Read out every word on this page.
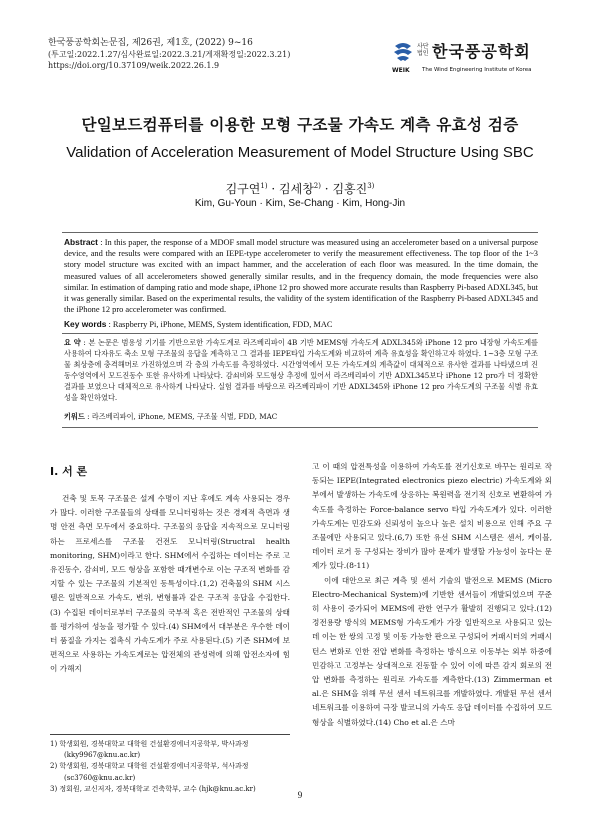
한국풍공학회논문집, 제26권, 제1호, (2022) 9~16
(투고일:2022.1.27/심사완료일:2022.3.21/게재확정일:2022.3.21)
https://doi.org/10.37109/weik.2022.26.1.9
사단법인 한국풍공학회
WEIK The Wind Engineering Institute of Korea
단일보드컴퓨터를 이용한 모형 구조물 가속도 계측 유효성 검증
Validation of Acceleration Measurement of Model Structure Using SBC
김구연$^{1)}$ · 김세창$^{2)}$ · 김홍진$^{3)}$
Kim, Gu-Youn · Kim, Se-Chang · Kim, Hong-Jin
Abstract : In this paper, the response of a MDOF small model structure was measured using an accelerometer based on a universal purpose device, and the results were compared with an IEPE-type accelerometer to verify the measurement effectiveness. The top floor of the 1~3 story model structure was excited with an impact hammer, and the acceleration of each floor was measured. In the time domain, the measured values of all accelerometers showed generally similar results, and in the frequency domain, the mode frequencies were also similar. In estimation of damping ratio and mode shape, iPhone 12 pro showed more accurate results than Raspberry Pi-based ADXL345, but it was generally similar. Based on the experimental results, the validity of the system identification of the Raspberry Pi-based ADXL345 and the iPhone 12 pro accelerometer was confirmed.
Key words : Raspberry Pi, iPhone, MEMS, System identification, FDD, MAC
요 약 : 본 논문은 범용성 기기를 기반으로한 가속도계로 라즈베리파이 4B 기반 MEMS형 가속도계 ADXL345와 iPhone 12 pro 내장형 가속도계를 사용하여 다자유도 축소 모형 구조물의 응답을 계측하고 그 결과를 IEPE타입 가속도계와 비교하여 계측 유효성을 확인하고자 하였다. 1~3층 모형 구조물 최상층에 충격해머로 가진하였으며 각 층의 가속도를 측정하였다. 시간영역에서 모든 가속도계의 계측값이 대체적으로 유사한 결과를 나타냈으며 진동수영역에서 모드진동수 또한 유사하게 나타났다. 감쇠비와 모드형상 추정에 있어서 라즈베리파이 기반 ADXL345보다 iPhone 12 pro가 더 정확한 결과를 보였으나 대체적으로 유사하게 나타났다. 실험 결과를 바탕으로 라즈베리파이 기반 ADXL345와 iPhone 12 pro 가속도계의 구조물 식별 유효성을 확인하였다.
키워드 : 라즈베리파이, iPhone, MEMS, 구조물 식별, FDD, MAC
I. 서 론

건축 및 토목 구조물은 설계 수명이 지난 후에도 계속 사용되는 경우가 많다. 이러한 구조물들의 상태를 모니터링하는 것은 경제적 측면과 생명 안전 측면 모두에서 중요하다. 구조물의 응답을 지속적으로 모니터링하는 프로세스를 구조물 건전도 모니터링(Structral health monitoring, SHM)이라고 한다. SHM에서 수집하는 데이터는 주로 고유진동수, 감쇠비, 모드 형상을 포함한 때개변수로 이는 구조적 변화를 감지할 수 있는 구조물의 기본적인 동특성이다.(1,2) 건축물의 SHM 시스템은 일반적으로 가속도, 변위, 변형률과 같은 구조적 응답을 수집한다.(3) 수집된 데이터로부터 구조물의 국부적 혹은 전반적인 구조물의 상태를 평가하여 성능을 평가할 수 있다.(4) SHM에서 대부분은 우수한 데이터 품질을 가지는 접촉식 가속도계가 주로 사용된다.(5) 기존 SHM에 보편적으로 사용하는 가속도계로는 압전체의 관성력에 의해 압전소자에 힘이 가해지

고 이 때의 압전특성을 이용하여 가속도를 전기신호로 바꾸는 원리로 작동되는 IEPE(Integrated electronics piezo electric) 가속도계와 외부에서 발생하는 가속도에 상응하는 복원력을 전기적 신호로 변환하여 가속도를 측정하는 Force-balance servo 타입 가속도계가 있다. 이러한 가속도계는 민감도와 신뢰성이 높으나 높은 설치 비용으로 인해 주요 구조물에만 사용되고 있다.(6,7) 또한 유선 SHM 시스템은 센서, 케이블, 데이터 로거 등 구성되는 장비가 많아 문제가 발생할 가능성이 높다는 문제가 있다.(8-11)

이에 대안으로 최근 계측 및 센서 기술의 발전으로 MEMS (Micro Electro-Mechanical System)에 기반한 센서들이 개발되었으며 꾸준히 사용이 증가되어 MEMS에 관한 연구가 활발히 진행되고 있다.(12) 정전용량 방식의 MEMS형 가속도계가 가장 일반적으로 사용되고 있는데 이는 한 쌍의 고정 및 이동 가능한 판으로 구성되어 커패시터의 커패시턴스 변화로 인한 전압 변화를 측정하는 방식으로 이동부는 외부 하중에 민감하고 고정부는 상대적으로 진동할 수 있어 이에 따른 감지 회로의 전압 변화를 측정하는 원리로 가속도를 계측한다.(13) Zimmerman et al.은 SHM을 위해 무선 센서 네트워크를 개발하였다. 개발된 무선 센서 네트워크를 이용하여 극장 발코니의 가속도 응답 데이터를 수집하여 모드 형상을 식별하였다.(14) Cho et al.은 스마

1) 학생회원, 경북대학교 대학원 건설환경에너지공학부, 박사과정
(kky9967@knu.ac.kr)
2) 학생회원, 경북대학교 대학원 건설환경에너지공학부, 석사과정
(sc3760@knu.ac.kr)
3) 정회원, 교신저자, 경북대학교 건축학부, 교수 (hjk@knu.ac.kr)
9
